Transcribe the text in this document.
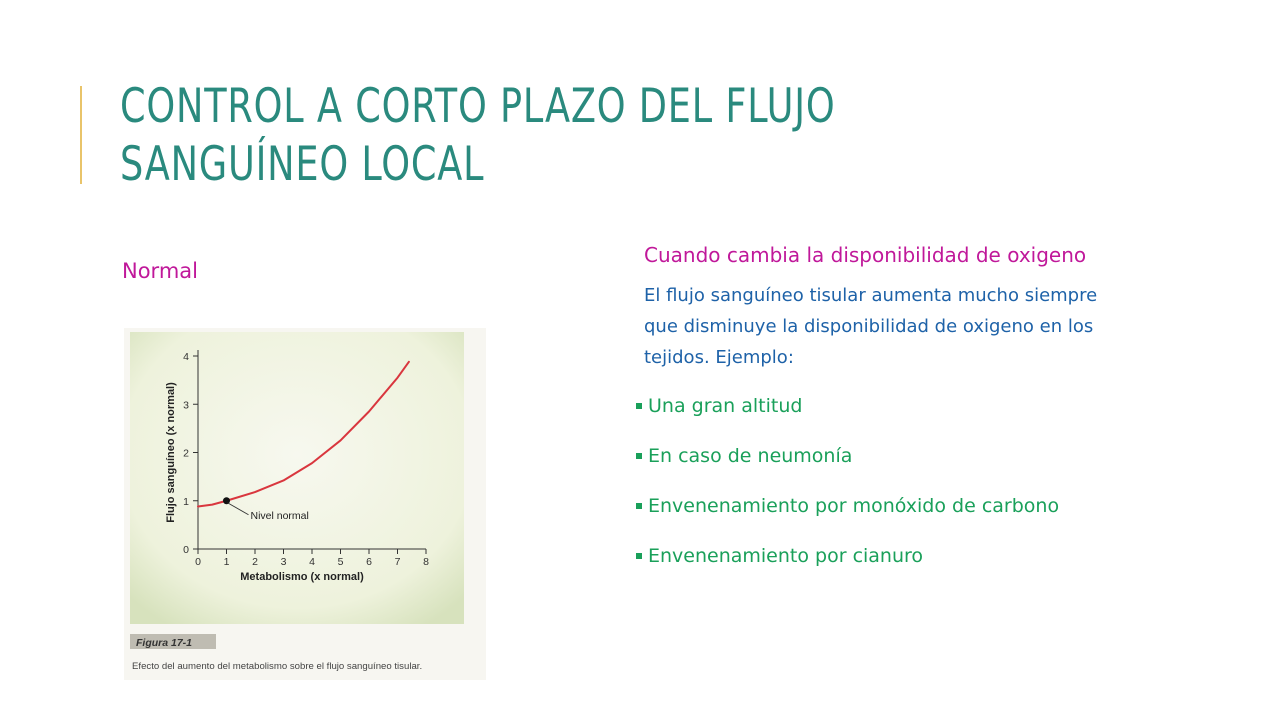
CONTROL A CORTO PLAZO DEL FLUJO
SANGUÍNEO LOCAL
Normal
0
1
2
3
4
0 1 2 3 4 5 6 7 8
Metabolismo (x normal)
Flujo sanguíneo (x normal)	Nivel normal
Figura 17-1
Efecto del aumento del metabolismo sobre el flujo sanguíneo tisular.

Cuando cambia la disponibilidad de oxigeno

El flujo sanguíneo tisular aumenta mucho siempre que disminuye la disponibilidad de oxigeno en los tejidos. Ejemplo:

Una gran altitud
En caso de neumonía
Envenenamiento por monóxido de carbono
Envenenamiento por cianuro
